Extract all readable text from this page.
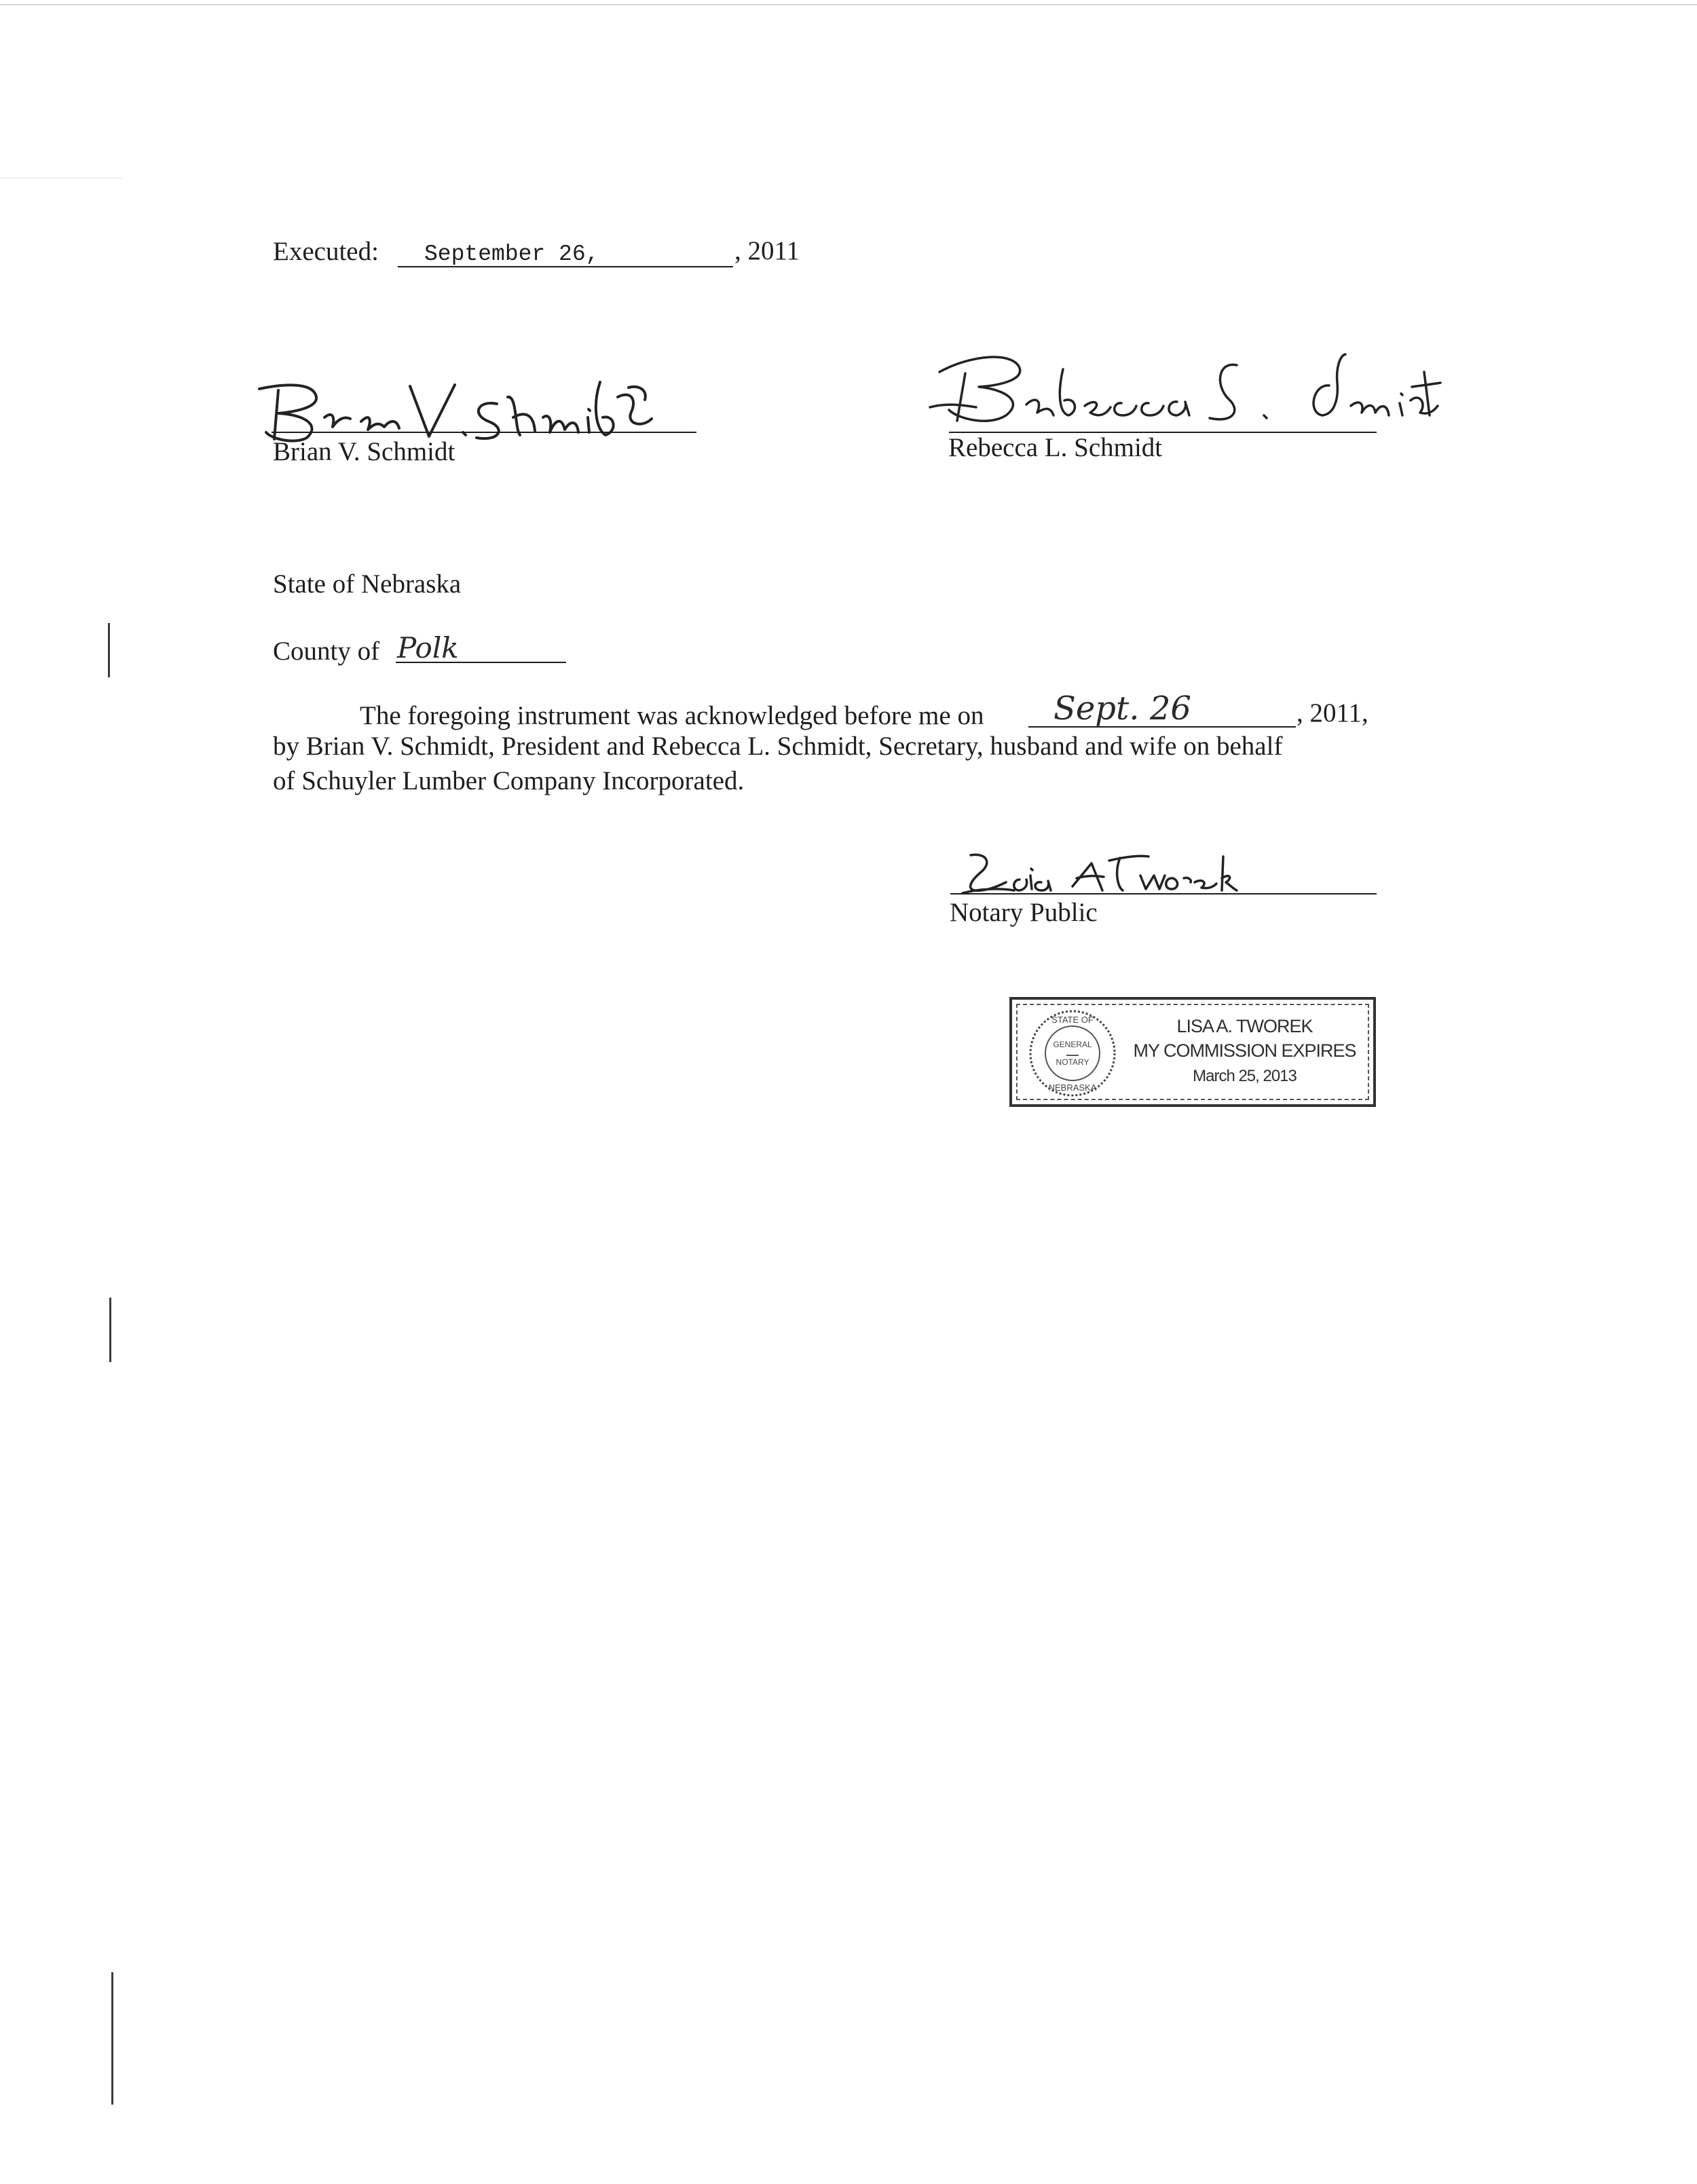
Executed: September 26,	, 2011
Brian V. Schmidt	Rebecca L. Schmidt
State of Nebraska
County of Polk
The foregoing instrument was acknowledged before me on Sept. 26	, 2011,
by Brian V. Schmidt, President and Rebecca L. Schmidt, Secretary, husband and wife on behalf
of Schuyler Lumber Company Incorporated.
Notary Public
STATE OF
GENERAL
NOTARY
NEBRASKA
LISA A. TWOREK
MY COMMISSION EXPIRES
March 25, 2013
